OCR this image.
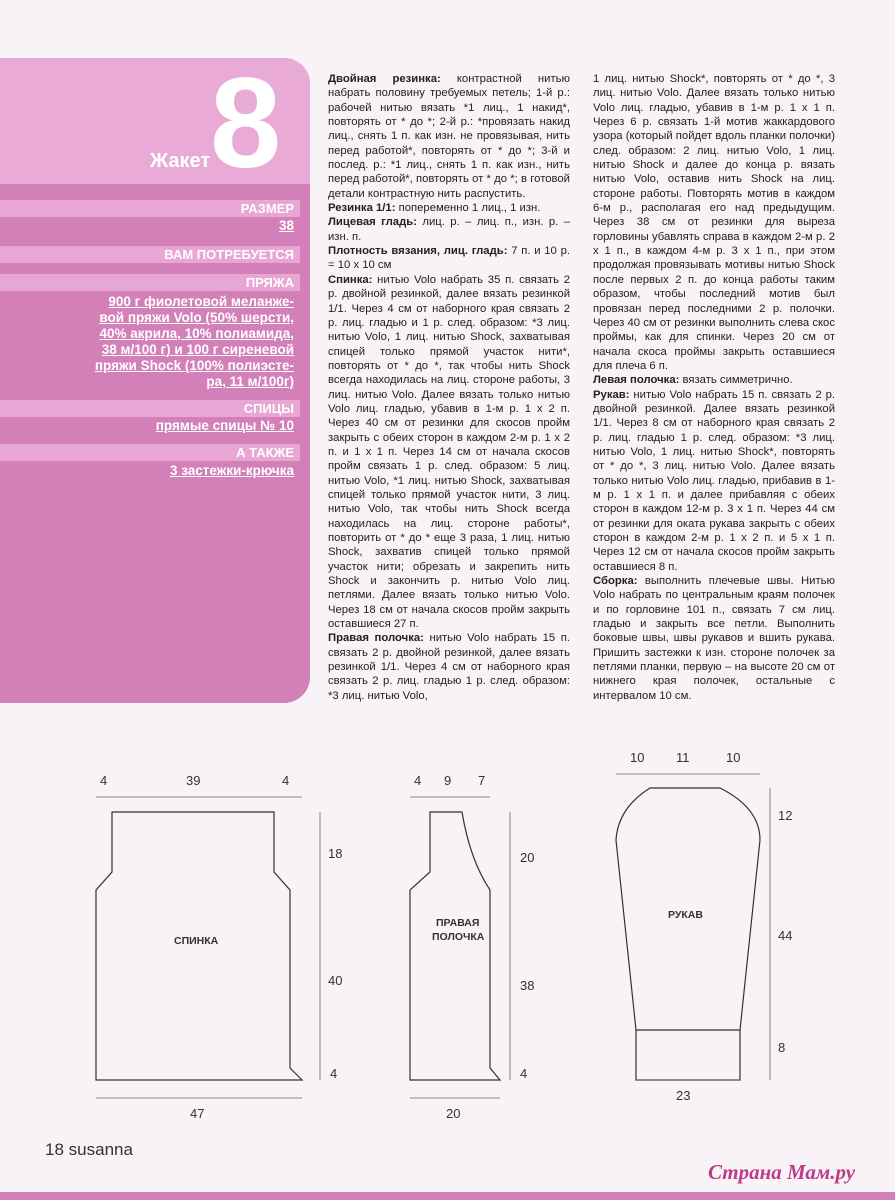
Жакет 8
РАЗМЕР
38
ВАМ ПОТРЕБУЕТСЯ
ПРЯЖА
900 г фиолетовой меланже-
вой пряжи Volo (50% шерсти,
40% акрила, 10% полиамида,
38 м/100 г) и 100 г сиреневой
пряжи Shock (100% полиэсте-
ра, 11 м/100г)
СПИЦЫ
прямые спицы № 10
А ТАКЖЕ
3 застежки-крючка

Двойная резинка: контрастной нитью набрать половину требуемых петель; 1-й р.: рабочей нитью вязать *1 лиц., 1 накид*, повторять от * до *; 2-й р.: *провязать накид лиц., снять 1 п. как изн. не провязывая, нить перед работой*, повторять от * до *; 3-й и послед. р.: *1 лиц., снять 1 п. как изн., нить перед работой*, повторять от * до *; в готовой детали контрастную нить распустить.

Резинка 1/1: попеременно 1 лиц., 1 изн.

Лицевая гладь: лиц. р. – лиц. п., изн. р. – изн. п.

Плотность вязания, лиц. гладь: 7 п. и 10 р. = 10 х 10 см

Спинка: нитью Volo набрать 35 п. связать 2 р. двойной резинкой, далее вязать резинкой 1/1. Через 4 см от наборного края связать 2 р. лиц. гладью и 1 р. след. образом: *3 лиц. нитью Volo, 1 лиц. нитью Shock, захватывая спицей только прямой участок нити*, повторять от * до *, так чтобы нить Shock всегда находилась на лиц. стороне работы, 3 лиц. нитью Volo. Далее вязать только нитью Volo лиц. гладью, убавив в 1-м р. 1 х 2 п. Через 40 см от резинки для скосов пройм закрыть с обеих сторон в каждом 2-м р. 1 х 2 п. и 1 х 1 п. Через 14 см от начала скосов пройм связать 1 р. след. образом: 5 лиц. нитью Volo, *1 лиц. нитью Shock, захватывая спицей только прямой участок нити, 3 лиц. нитью Volo, так чтобы нить Shock всегда находилась на лиц. стороне работы*, повторить от * до * еще 3 раза, 1 лиц. нитью Shock, захватив спицей только прямой участок нити; обрезать и закрепить нить Shock и закончить р. нитью Volo лиц. петлями. Далее вязать только нитью Volo. Через 18 см от начала скосов пройм закрыть оставшиеся 27 п.

Правая полочка: нитью Volo набрать 15 п. связать 2 р. двойной резинкой, далее вязать резинкой 1/1. Через 4 см от наборного края связать 2 р. лиц. гладью 1 р. след. образом: *3 лиц. нитью Volo,

1 лиц. нитью Shock*, повторять от * до *, 3 лиц. нитью Volo. Далее вязать только нитью Volo лиц. гладью, убавив в 1-м р. 1 х 1 п. Через 6 р. связать 1-й мотив жаккардового узора (который пойдет вдоль планки полочки) след. образом: 2 лиц. нитью Volo, 1 лиц. нитью Shock и далее до конца р. вязать нитью Volo, оставив нить Shock на лиц. стороне работы. Повторять мотив в каждом 6-м р., располагая его над предыдущим. Через 38 см от резинки для выреза горловины убавлять справа в каждом 2-м р. 2 х 1 п., в каждом 4-м р. 3 х 1 п., при этом продолжая провязывать мотивы нитью Shock после первых 2 п. до конца работы таким образом, чтобы последний мотив был провязан перед последними 2 р. полочки. Через 40 см от резинки выполнить слева скос проймы, как для спинки. Через 20 см от начала скоса проймы закрыть оставшиеся для плеча 6 п.

Левая полочка: вязать симметрично.

Рукав: нитью Volo набрать 15 п. связать 2 р. двойной резинкой. Далее вязать резинкой 1/1. Через 8 см от наборного края связать 2 р. лиц. гладью 1 р. след. образом: *3 лиц. нитью Volo, 1 лиц. нитью Shock*, повторять от * до *, 3 лиц. нитью Volo. Далее вязать только нитью Volo лиц. гладью, прибавив в 1-м р. 1 х 1 п. и далее прибавляя с обеих сторон в каждом 12-м р. 3 х 1 п. Через 44 см от резинки для оката рукава закрыть с обеих сторон в каждом 2-м р. 1 х 2 п. и 5 х 1 п. Через 12 см от начала скосов пройм закрыть оставшиеся 8 п.

Сборка: выполнить плечевые швы. Нитью Volo набрать по центральным краям полочек и по горловине 101 п., связать 7 см лиц. гладью и закрыть все петли. Выполнить боковые швы, швы рукавов и вшить рукава. Пришить застежки к изн. стороне полочек за петлями планки, первую – на высоте 20 см от нижнего края полочек, остальные с интервалом 10 см.

4	39	4
18
40
4
47
4 9 7
20
38
4
20
10 11	10
12
44
8
23
СПИНКА
ПРАВАЯ
ПОЛОЧКА
РУКАВ
18 susanna
Страна Мам.ру
